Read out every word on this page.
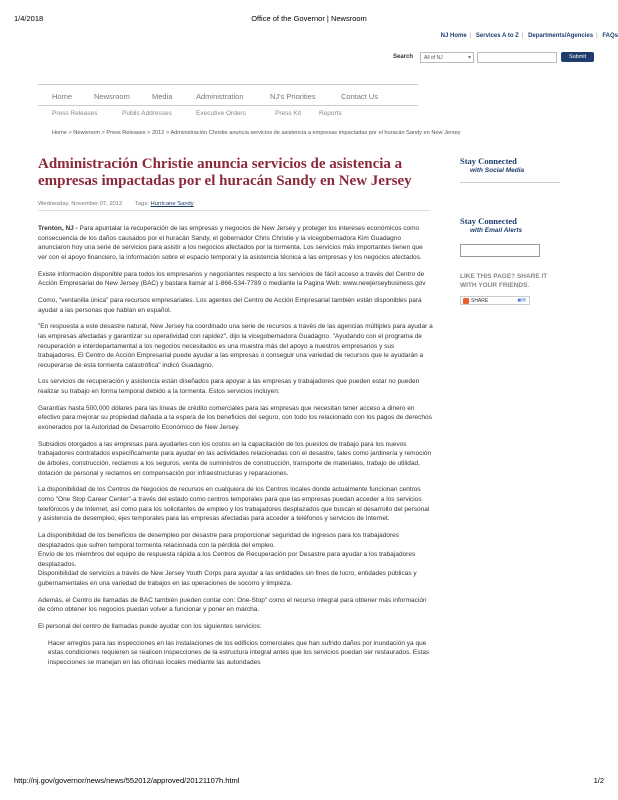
1/4/2018	Office of the Governor | Newsroom
NJ Home | Services A to Z | Departments/Agencies | FAQs
Search	All of NJ	▾	Submit
Home	Newsroom	Media	Administration	NJ's Priorities	Contact Us
Press Releases	Public Addresses	Executive Orders	Press Kit	Reports
Home > Newsroom > Press Releases > 2012 > Administración Christie anuncia servicios de asistencia a empresas impactadas por el huracán Sandy en New Jersey
Administración Christie anuncia servicios de asistencia a empresas impactadas por el huracán Sandy en New Jersey
Wednesday, November 07, 2012 Tags: Hurricane Sandy

Trenton, NJ - Para apuntalar la recuperación de las empresas y negocios de New Jersey y proteger los intereses económicos como consecuencia de los daños causados por el huracán Sandy, el gobernador Chris Christie y la vicegobernadora Kim Guadagno anunciaron hoy una serie de servicios para asistir a los negocios afectados por la tormenta. Los servicios más importantes tienen que ver con el apoyo financiero, la información sobre el espacio temporal y la asistencia técnica a las empresas y los negocios afectados.

Existe información disponible para todos los empresarios y negociantes respecto a los servicios de fácil acceso a través del Centro de Acción Empresarial de New Jersey (BAC) y bastara llamar al 1-866-534-7789 o mediante la Pagina Web: www.newjerseybusiness.gov

Como, "ventanilla única" para recursos empresariales. Los agentes del Centro de Acción Empresarial también están disponibles para ayudar a las personas que hablan en español.

"En respuesta a este desastre natural, New Jersey ha coordinado una serie de recursos a través de las agencias múltiples para ayudar a las empresas afectadas y garantizar su operatividad con rapidez", dijo la vicegobernadora Guadagno. "Ayudando con el programa de recuperación e interdepartamental a los negocios necesitados es una muestra más del apoyo a nuestros empresarios y sus trabajadores. El Centro de Acción Empresarial puede ayudar a las empresas o conseguir una variedad de recursos que le ayudarán a recuperarse de esta tormenta catastrófica" indicó Guadagno.

Los servicios de recuperación y asistencia están diseñados para apoyar a las empresas y trabajadores que pueden estar no pueden realizar su trabajo en forma temporal debido a la tormenta. Estos servicios incluyen:

Garantías hasta 500,000 dólares para las líneas de crédito comerciales para las empresas que necesitan tener acceso a dinero en efectivo para mejorar su propiedad dañada a la espera de los beneficios del seguro, con todo los relacionado con los pagos de derechos exonerados por la Autoridad de Desarrollo Económico de New Jersey.

Subsidios otorgados a las empresas para ayudarles con los costos en la capacitación de los puestos de trabajo para los nuevos trabajadores contratados específicamente para ayudar en las actividades relacionadas con el desastre, tales como jardinería y remoción de árboles, construcción, reclamos a los seguros, venta de suministros de construcción, transporte de materiales, trabajo de utilidad, dotación de personal y reclamos en compensación por infraestructuras y reparaciones.

La disponibilidad de los Centros de Negocios de recursos en cualquiera de los Centros locales donde actualmente funcionan centros como "One Stop Career Center"-a través del estado como centros temporales para que las empresas puedan acceder a los servicios telefónicos y de Internet, así como para los solicitantes de empleo y los trabajadores desplazados que buscan el desarrollo del personal y asistencia de desempleo, ejes temporales para las empresas afectadas para acceder a teléfonos y servicios de Internet.

La disponibilidad de los beneficios de desempleo por desastre para proporcionar seguridad de ingresos para los trabajadores desplazados que sufren temporal tormenta relacionada con la pérdida del empleo.
Envío de los miembros del equipo de respuesta rápida a los Centros de Recuperación por Desastre para ayudar a los trabajadores desplazados.
Disponibilidad de servicios a través de New Jersey Youth Corps para ayudar a las entidades sin fines de lucro, entidades públicas y gubernamentales en una variedad de trabajos en las operaciones de socorro y limpieza.

Además, el Centro de llamadas de BAC también pueden contar con: One-Stop" como el recurso integral para obtener más información de cómo obtener los negocios puedan volver a funcionar y poner en marcha.

El personal del centro de llamadas puede ayudar con los siguientes servicios:

Hacer arreglos para las inspecciones en las instalaciones de los edificios comerciales que han sufrido daños por inundación ya que estas condiciones requieren se realicen inspecciones de la estructura integral antes que los servicios puedan ser restaurados. Estas inspecciones se manejan en las oficinas locales mediante las autoridades

Stay Connected
with Social Media
Stay Connected
with Email Alerts
LIKE THIS PAGE? SHARE IT
WITH YOUR FRIENDS.
SHARE	■✉
http://nj.gov/governor/news/news/552012/approved/20121107h.html	1/2
